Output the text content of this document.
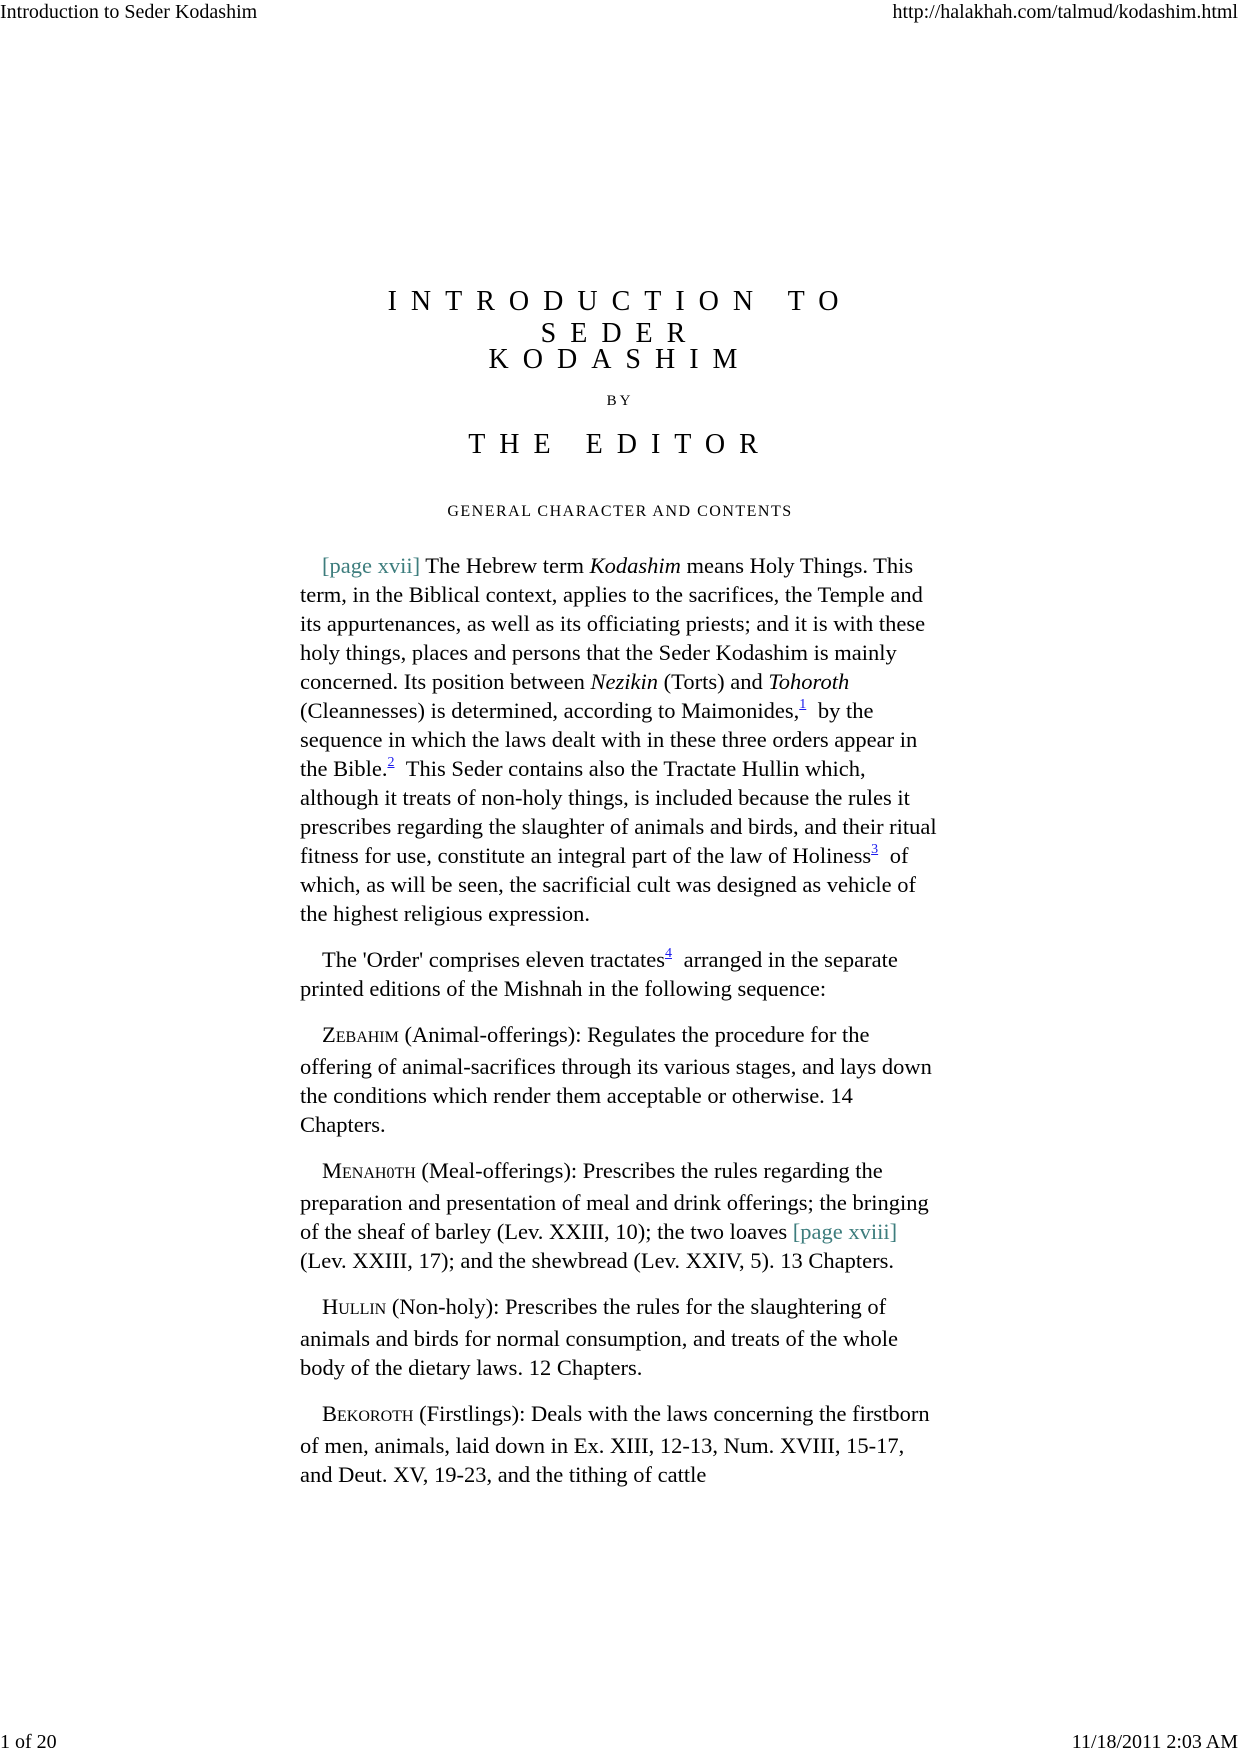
Introduction to Seder Kodashim	http://halakhah.com/talmud/kodashim.html
INTRODUCTION TO SEDER
KODASHIM
BY
THE EDITOR
GENERAL CHARACTER AND CONTENTS

[page xvii] The Hebrew term Kodashim means Holy Things. This term, in the Biblical context, applies to the sacrifices, the Temple and its appurtenances, as well as its officiating priests; and it is with these holy things, places and persons that the Seder Kodashim is mainly concerned. Its position between Nezikin (Torts) and Tohoroth (Cleannesses) is determined, according to Maimonides,$^1$ by the sequence in which the laws dealt with in these three orders appear in the Bible.$^2$ This Seder contains also the Tractate Hullin which, although it treats of non-holy things, is included because the rules it prescribes regarding the slaughter of animals and birds, and their ritual fitness for use, constitute an integral part of the law of Holiness$^3$ of which, as will be seen, the sacrificial cult was designed as vehicle of the highest religious expression.

The 'Order' comprises eleven tractates$^4$ arranged in the separate printed editions of the Mishnah in the following sequence:

ZEBAHIM (Animal-offerings): Regulates the procedure for the offering of animal-sacrifices through its various stages, and lays down the conditions which render them acceptable or otherwise. 14 Chapters.

MENAH0TH (Meal-offerings): Prescribes the rules regarding the preparation and presentation of meal and drink offerings; the bringing of the sheaf of barley (Lev. XXIII, 10); the two loaves [page xviii] (Lev. XXIII, 17); and the shewbread (Lev. XXIV, 5). 13 Chapters.

HULLIN (Non-holy): Prescribes the rules for the slaughtering of animals and birds for normal consumption, and treats of the whole body of the dietary laws. 12 Chapters.

BEKOROTH (Firstlings): Deals with the laws concerning the firstborn of men, animals, laid down in Ex. XIII, 12-13, Num. XVIII, 15-17, and Deut. XV, 19-23, and the tithing of cattle

1 of 20	11/18/2011 2:03 AM
